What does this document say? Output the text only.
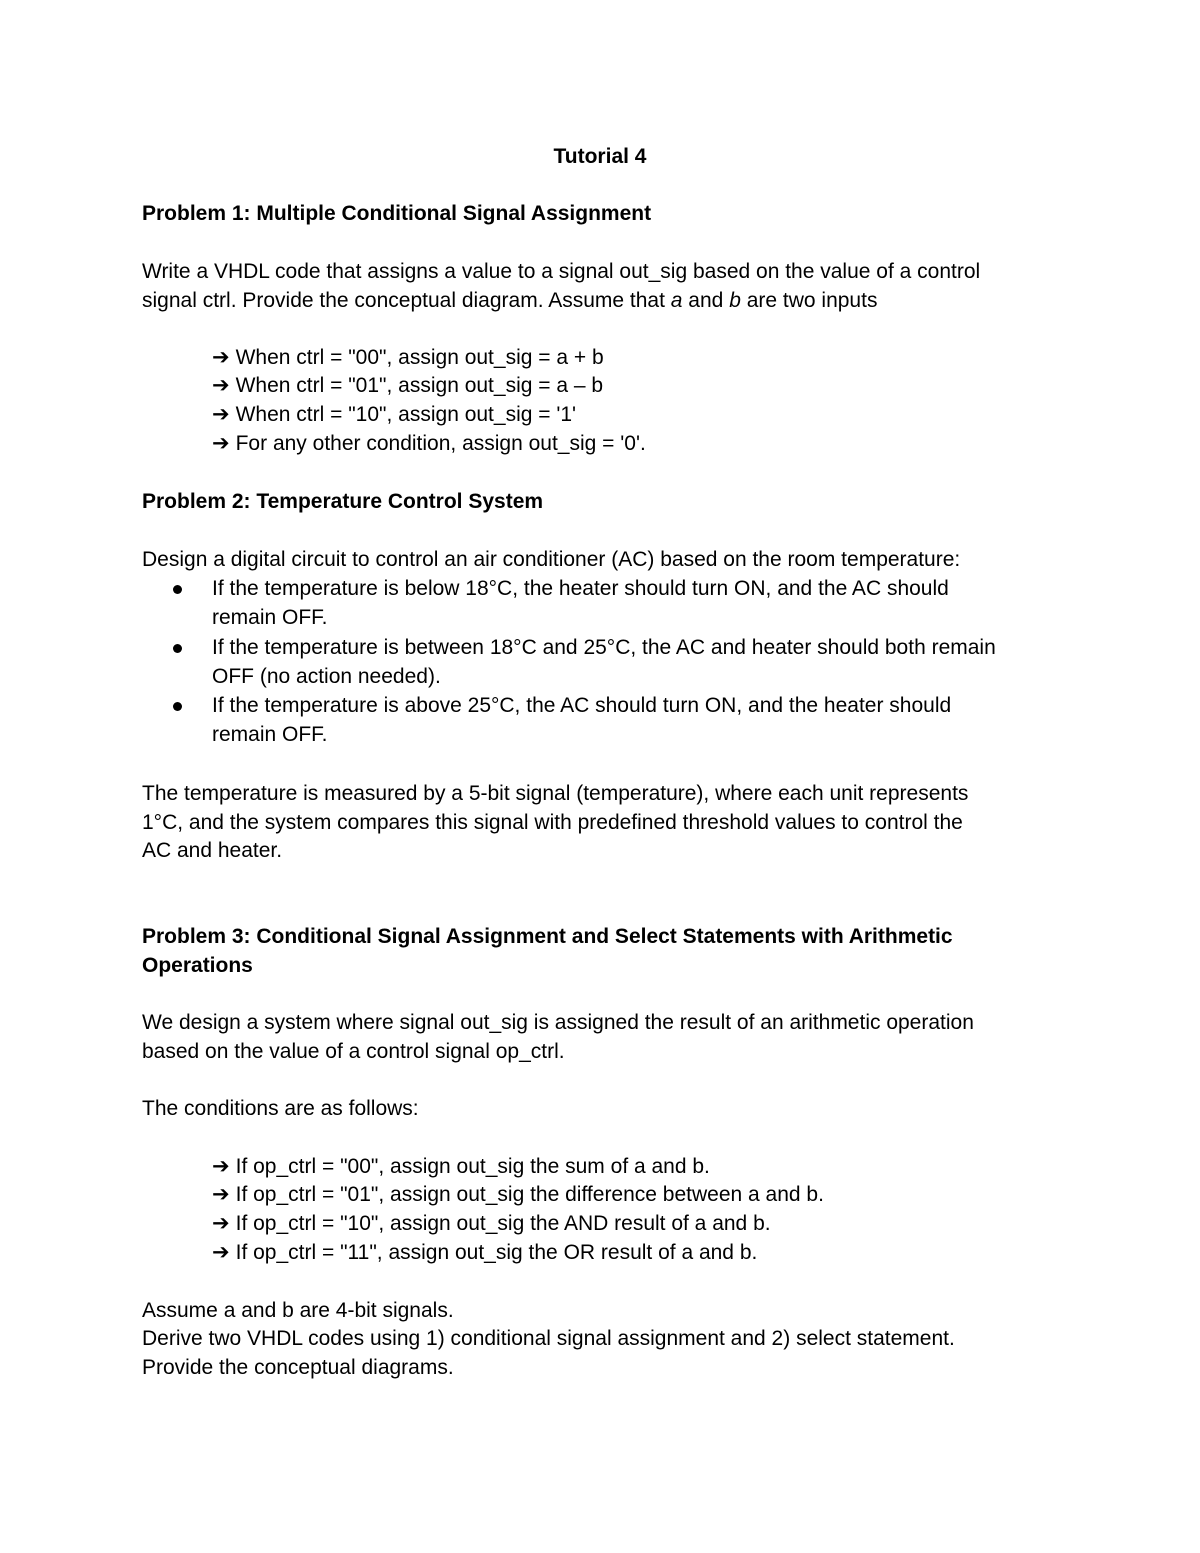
Tutorial 4
Problem 1: Multiple Conditional Signal Assignment
Write a VHDL code that assigns a value to a signal out_sig based on the value of a control
signal ctrl. Provide the conceptual diagram. Assume that a and b are two inputs
➔ When ctrl = "00", assign out_sig = a + b
➔ When ctrl = "01", assign out_sig = a – b
➔ When ctrl = "10", assign out_sig = '1'
➔ For any other condition, assign out_sig = '0'.
Problem 2: Temperature Control System
Design a digital circuit to control an air conditioner (AC) based on the room temperature:
If the temperature is below 18°C, the heater should turn ON, and the AC should
remain OFF.
If the temperature is between 18°C and 25°C, the AC and heater should both remain
OFF (no action needed).
If the temperature is above 25°C, the AC should turn ON, and the heater should
remain OFF.
The temperature is measured by a 5-bit signal (temperature), where each unit represents
1°C, and the system compares this signal with predefined threshold values to control the
AC and heater.
Problem 3: Conditional Signal Assignment and Select Statements with Arithmetic
Operations
We design a system where signal out_sig is assigned the result of an arithmetic operation
based on the value of a control signal op_ctrl.
The conditions are as follows:
➔ If op_ctrl = "00", assign out_sig the sum of a and b.
➔ If op_ctrl = "01", assign out_sig the difference between a and b.
➔ If op_ctrl = "10", assign out_sig the AND result of a and b.
➔ If op_ctrl = "11", assign out_sig the OR result of a and b.
Assume a and b are 4-bit signals.
Derive two VHDL codes using 1) conditional signal assignment and 2) select statement.
Provide the conceptual diagrams.
